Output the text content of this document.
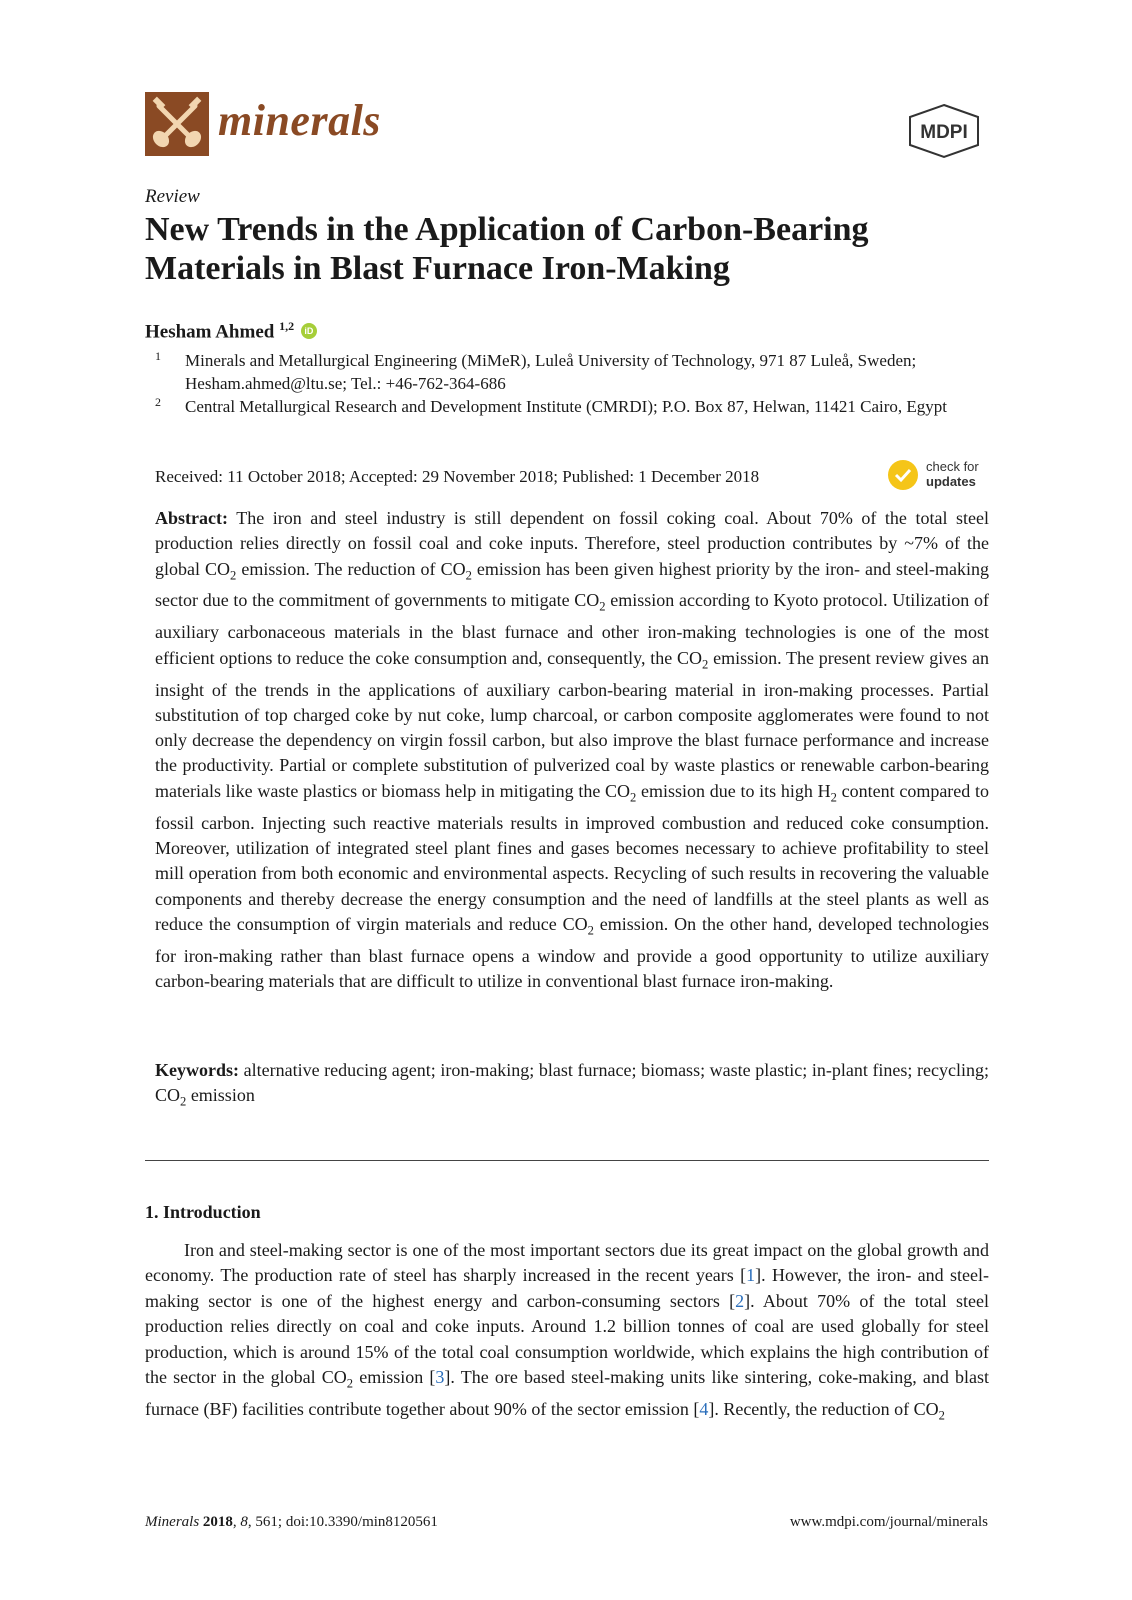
minerals	MDPI
Review
New Trends in the Application of Carbon-Bearing Materials in Blast Furnace Iron-Making
Hesham Ahmed $^{1,2}$ iD
1 Minerals and Metallurgical Engineering (MiMeR), Luleå University of Technology, 971 87 Luleå, Sweden; Hesham.ahmed@ltu.se; Tel.: +46-762-364-686
2 Central Metallurgical Research and Development Institute (CMRDI); P.O. Box 87, Helwan, 11421 Cairo, Egypt
Received: 11 October 2018; Accepted: 29 November 2018; Published: 1 December 2018
check for
updates

Abstract: The iron and steel industry is still dependent on fossil coking coal. About 70% of the total steel production relies directly on fossil coal and coke inputs. Therefore, steel production contributes by ~7% of the global $CO_2$ emission. The reduction of $CO_2$ emission has been given highest priority by the iron- and steel-making sector due to the commitment of governments to mitigate $CO_2$ emission according to Kyoto protocol. Utilization of auxiliary carbonaceous materials in the blast furnace and other iron-making technologies is one of the most efficient options to reduce the coke consumption and, consequently, the $CO_2$ emission. The present review gives an insight of the trends in the applications of auxiliary carbon-bearing material in iron-making processes. Partial substitution of top charged coke by nut coke, lump charcoal, or carbon composite agglomerates were found to not only decrease the dependency on virgin fossil carbon, but also improve the blast furnace performance and increase the productivity. Partial or complete substitution of pulverized coal by waste plastics or renewable carbon-bearing materials like waste plastics or biomass help in mitigating the $CO_2$ emission due to its high $H_2$ content compared to fossil carbon. Injecting such reactive materials results in improved combustion and reduced coke consumption. Moreover, utilization of integrated steel plant fines and gases becomes necessary to achieve profitability to steel mill operation from both economic and environmental aspects. Recycling of such results in recovering the valuable components and thereby decrease the energy consumption and the need of landfills at the steel plants as well as reduce the consumption of virgin materials and reduce $CO_2$ emission. On the other hand, developed technologies for iron-making rather than blast furnace opens a window and provide a good opportunity to utilize auxiliary carbon-bearing materials that are difficult to utilize in conventional blast furnace iron-making.

Keywords: alternative reducing agent; iron-making; blast furnace; biomass; waste plastic; in-plant fines; recycling; $CO_2$ emission

1. Introduction

Iron and steel-making sector is one of the most important sectors due its great impact on the global growth and economy. The production rate of steel has sharply increased in the recent years [1]. However, the iron- and steel-making sector is one of the highest energy and carbon-consuming sectors [2]. About 70% of the total steel production relies directly on coal and coke inputs. Around 1.2 billion tonnes of coal are used globally for steel production, which is around 15% of the total coal consumption worldwide, which explains the high contribution of the sector in the global $CO_2$ emission [3]. The ore based steel-making units like sintering, coke-making, and blast furnace (BF) facilities contribute together about 90% of the sector emission [4]. Recently, the reduction of $CO_2$

Minerals 2018, 8, 561; doi:10.3390/min8120561	www.mdpi.com/journal/minerals
